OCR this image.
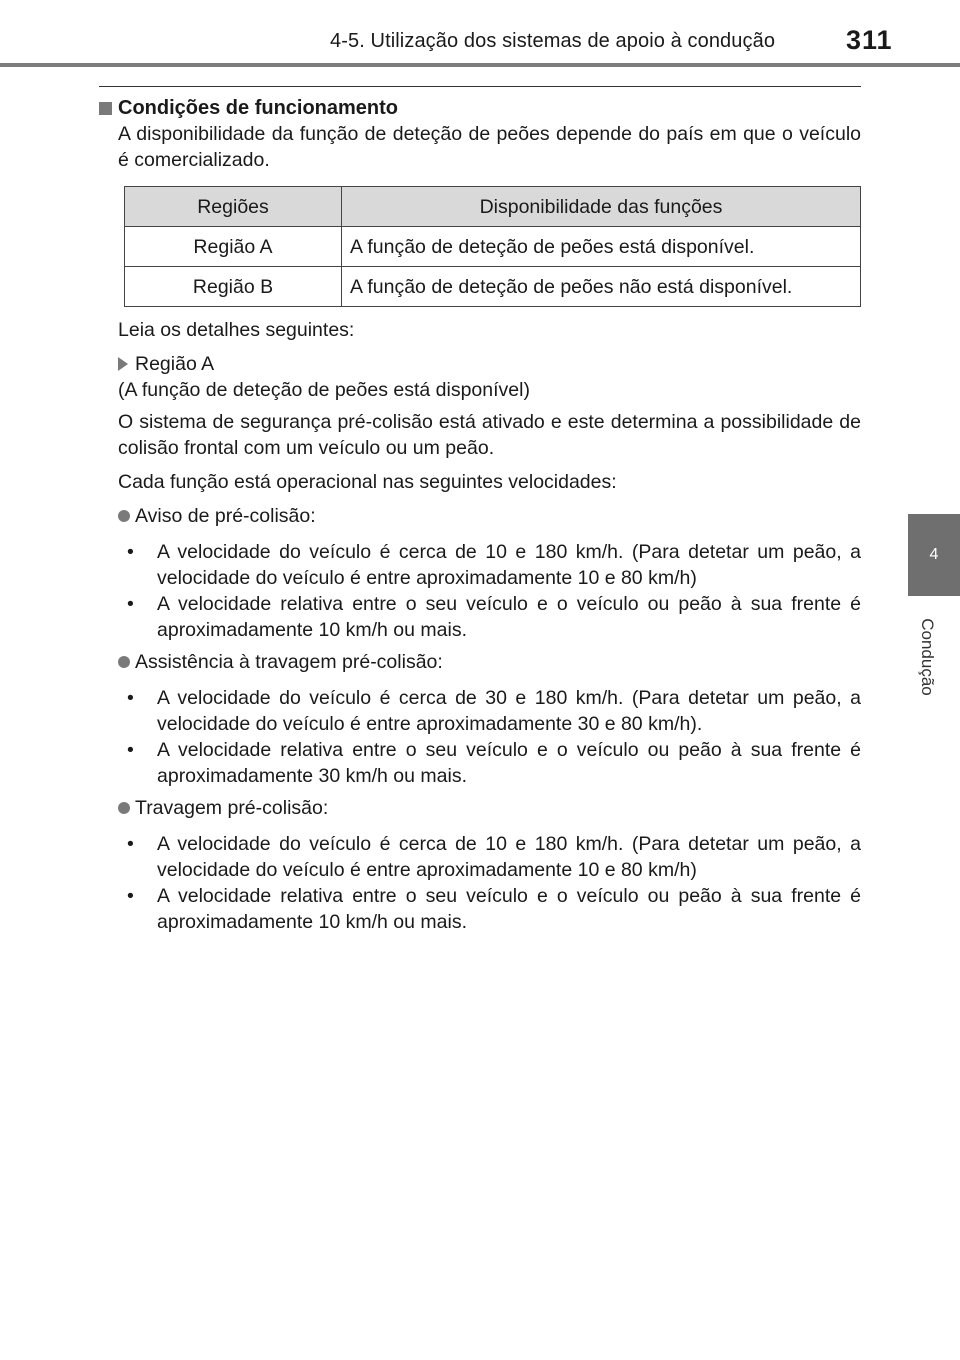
4-5. Utilização dos sistemas de apoio à condução	311
4
Condução
Condições de funcionamento

A disponibilidade da função de deteção de peões depende do país em que o veículo é comercializado.

Regiões	Disponibilidade das funções
Região A	A função de deteção de peões está disponível.
Região B	A função de deteção de peões não está disponível.

Leia os detalhes seguintes:

Região A

(A função de deteção de peões está disponível)

O sistema de segurança pré-colisão está ativado e este determina a possibilidade de colisão frontal com um veículo ou um peão.

Cada função está operacional nas seguintes velocidades:

Aviso de pré-colisão:
•	A velocidade do veículo é cerca de 10 e 180 km/h. (Para detetar um peão, a velocidade do veículo é entre aproximadamente 10 e 80 km/h)
•	A velocidade relativa entre o seu veículo e o veículo ou peão à sua frente é aproximadamente 10 km/h ou mais.
Assistência à travagem pré-colisão:
•	A velocidade do veículo é cerca de 30 e 180 km/h. (Para detetar um peão, a velocidade do veículo é entre aproximadamente 30 e 80 km/h).
•	A velocidade relativa entre o seu veículo e o veículo ou peão à sua frente é aproximadamente 30 km/h ou mais.
Travagem pré-colisão:
•	A velocidade do veículo é cerca de 10 e 180 km/h. (Para detetar um peão, a velocidade do veículo é entre aproximadamente 10 e 80 km/h)
•	A velocidade relativa entre o seu veículo e o veículo ou peão à sua frente é aproximadamente 10 km/h ou mais.
